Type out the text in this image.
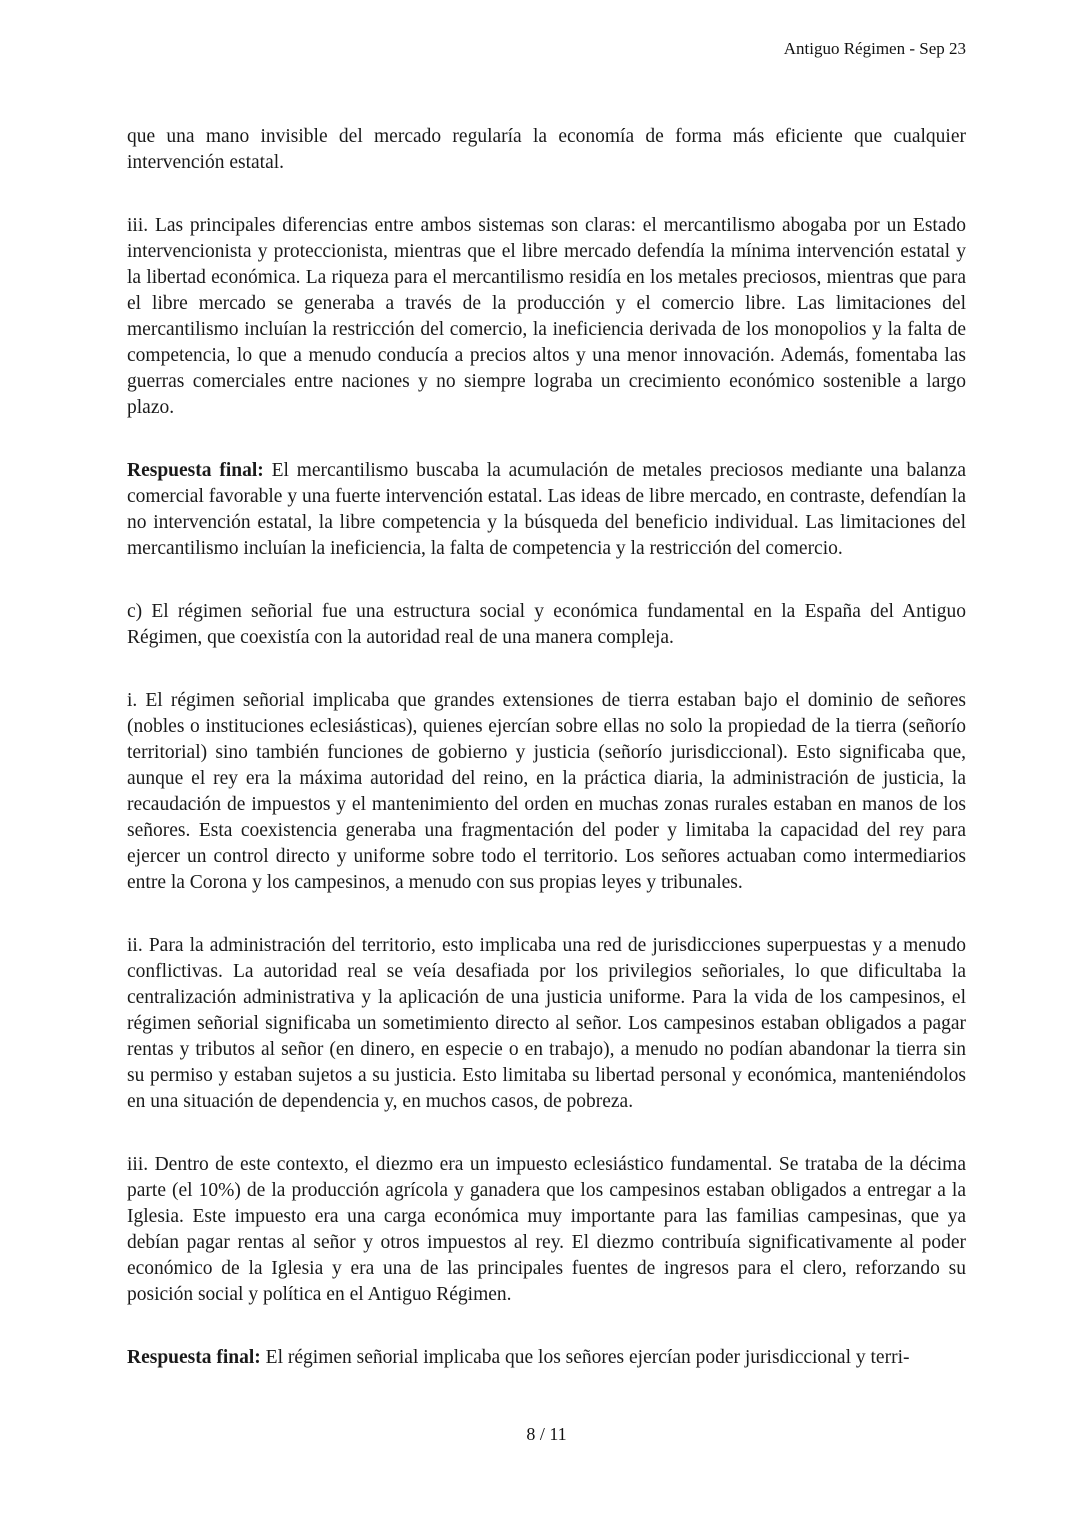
Antiguo Régimen - Sep 23

que una mano invisible del mercado regularía la economía de forma más eficiente que cualquier intervención estatal.

iii. Las principales diferencias entre ambos sistemas son claras: el mercantilismo abogaba por un Estado intervencionista y proteccionista, mientras que el libre mercado defendía la mínima intervención estatal y la libertad económica. La riqueza para el mercantilismo residía en los metales preciosos, mientras que para el libre mercado se generaba a través de la producción y el comercio libre. Las limitaciones del mercantilismo incluían la restricción del comercio, la ineficiencia derivada de los monopolios y la falta de competencia, lo que a menudo conducía a precios altos y una menor innovación. Además, fomentaba las guerras comerciales entre naciones y no siempre lograba un crecimiento económico sostenible a largo plazo.

Respuesta final: El mercantilismo buscaba la acumulación de metales preciosos mediante una balanza comercial favorable y una fuerte intervención estatal. Las ideas de libre mercado, en contraste, defendían la no intervención estatal, la libre competencia y la búsqueda del beneficio individual. Las limitaciones del mercantilismo incluían la ineficiencia, la falta de competencia y la restricción del comercio.

c) El régimen señorial fue una estructura social y económica fundamental en la España del Antiguo Régimen, que coexistía con la autoridad real de una manera compleja.

i. El régimen señorial implicaba que grandes extensiones de tierra estaban bajo el dominio de señores (nobles o instituciones eclesiásticas), quienes ejercían sobre ellas no solo la propiedad de la tierra (señorío territorial) sino también funciones de gobierno y justicia (señorío jurisdiccional). Esto significaba que, aunque el rey era la máxima autoridad del reino, en la práctica diaria, la administración de justicia, la recaudación de impuestos y el mantenimiento del orden en muchas zonas rurales estaban en manos de los señores. Esta coexistencia generaba una fragmentación del poder y limitaba la capacidad del rey para ejercer un control directo y uniforme sobre todo el territorio. Los señores actuaban como intermediarios entre la Corona y los campesinos, a menudo con sus propias leyes y tribunales.

ii. Para la administración del territorio, esto implicaba una red de jurisdicciones superpuestas y a menudo conflictivas. La autoridad real se veía desafiada por los privilegios señoriales, lo que dificultaba la centralización administrativa y la aplicación de una justicia uniforme. Para la vida de los campesinos, el régimen señorial significaba un sometimiento directo al señor. Los campesinos estaban obligados a pagar rentas y tributos al señor (en dinero, en especie o en trabajo), a menudo no podían abandonar la tierra sin su permiso y estaban sujetos a su justicia. Esto limitaba su libertad personal y económica, manteniéndolos en una situación de dependencia y, en muchos casos, de pobreza.

iii. Dentro de este contexto, el diezmo era un impuesto eclesiástico fundamental. Se trataba de la décima parte (el 10%) de la producción agrícola y ganadera que los campesinos estaban obligados a entregar a la Iglesia. Este impuesto era una carga económica muy importante para las familias campesinas, que ya debían pagar rentas al señor y otros impuestos al rey. El diezmo contribuía significativamente al poder económico de la Iglesia y era una de las principales fuentes de ingresos para el clero, reforzando su posición social y política en el Antiguo Régimen.

Respuesta final: El régimen señorial implicaba que los señores ejercían poder jurisdiccional y terri-

8 / 11
